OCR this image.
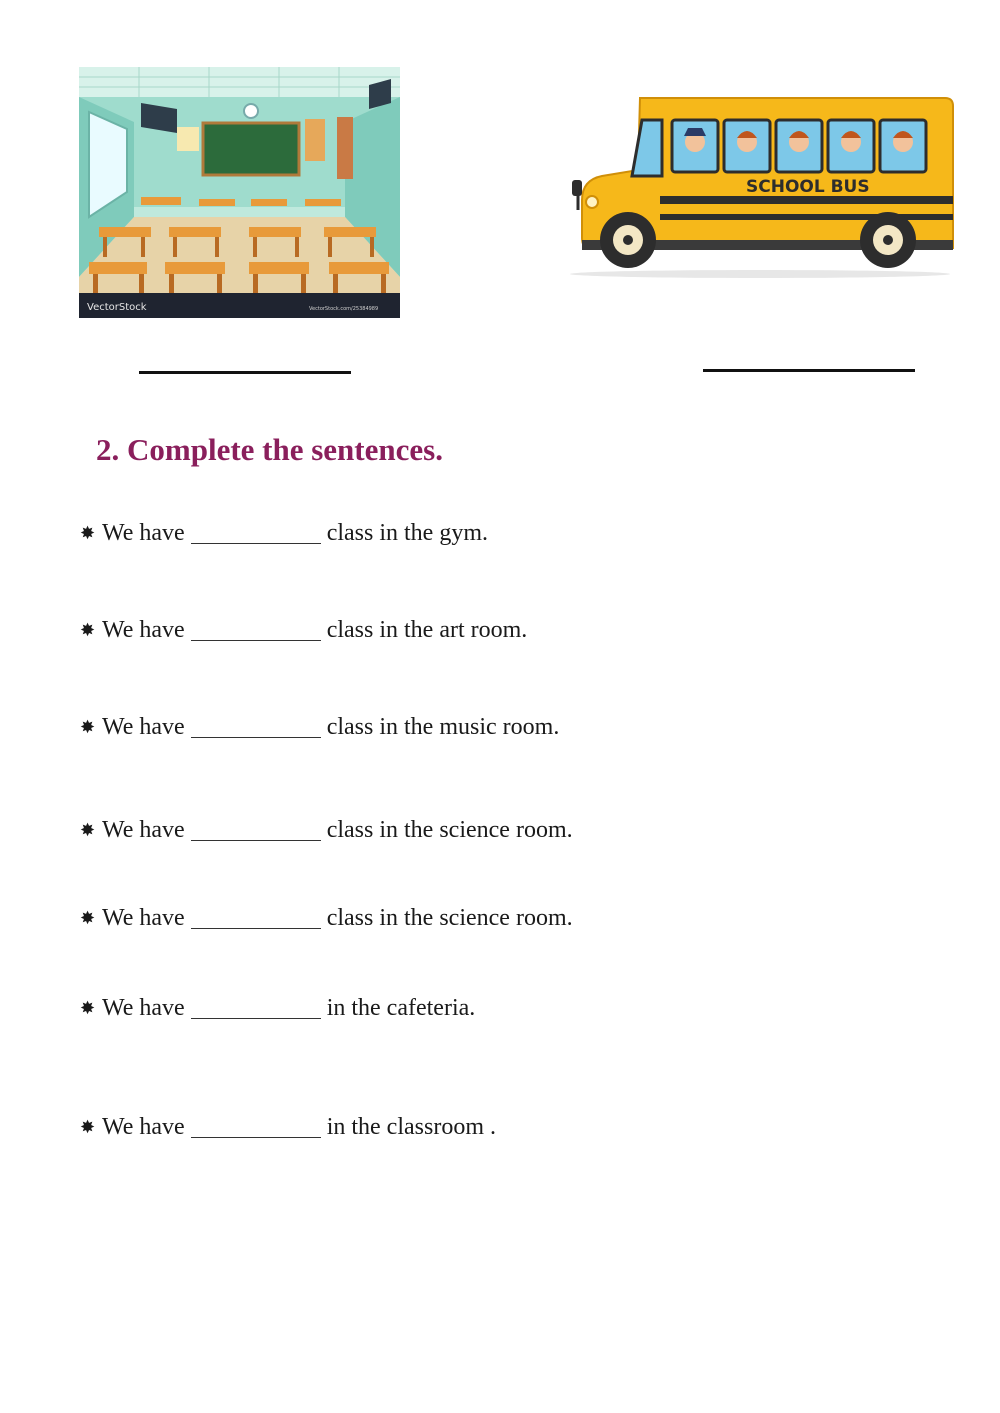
VectorStock	VectorStock.com/25384989
SCHOOL BUS
2. Complete the sentences.
✸ We have	class in the gym.
✸ We have	class in the art room.
✸ We have	class in the music room.
✸ We have	class in the science room.
✸ We have	class in the science room.
✸ We have	in the cafeteria.
✸ We have	in the classroom .
